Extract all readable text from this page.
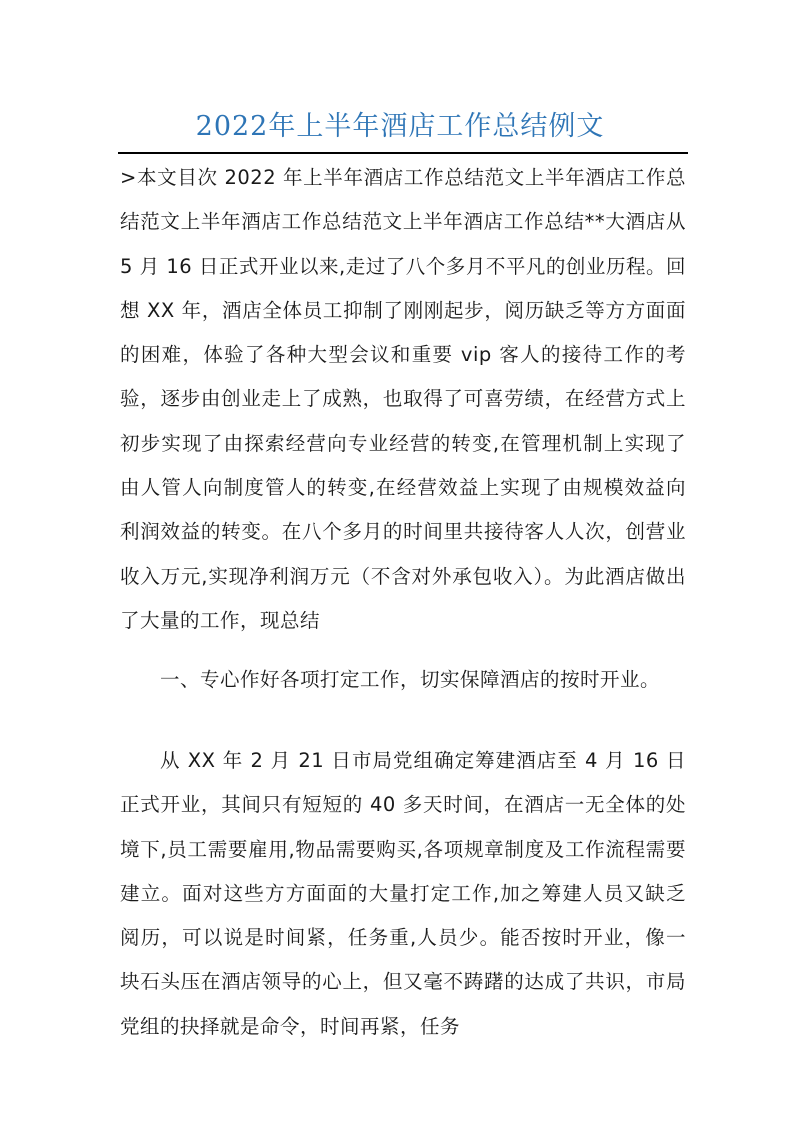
2022年上半年酒店工作总结例文

>本文目次 2022 年上半年酒店工作总结范文上半年酒店工作总结范文上半年酒店工作总结范文上半年酒店工作总结**大酒店从 5 月 16 日正式开业以来,走过了八个多月不平凡的创业历程。回想 XX 年，酒店全体员工抑制了刚刚起步，阅历缺乏等方方面面的困难，体验了各种大型会议和重要 vip 客人的接待工作的考验，逐步由创业走上了成熟，也取得了可喜劳绩，在经营方式上初步实现了由探索经营向专业经营的转变,在管理机制上实现了由人管人向制度管人的转变,在经营效益上实现了由规模效益向利润效益的转变。在八个多月的时间里共接待客人人次，创营业收入万元,实现净利润万元（不含对外承包收入）。为此酒店做出了大量的工作，现总结

一、专心作好各项打定工作，切实保障酒店的按时开业。

从 XX 年 2 月 21 日市局党组确定筹建酒店至 4 月 16 日正式开业，其间只有短短的 40 多天时间，在酒店一无全体的处境下,员工需要雇用,物品需要购买,各项规章制度及工作流程需要建立。面对这些方方面面的大量打定工作,加之筹建人员又缺乏阅历，可以说是时间紧，任务重,人员少。能否按时开业，像一块石头压在酒店领导的心上，但又毫不踌躇的达成了共识，市局党组的抉择就是命令，时间再紧，任务
